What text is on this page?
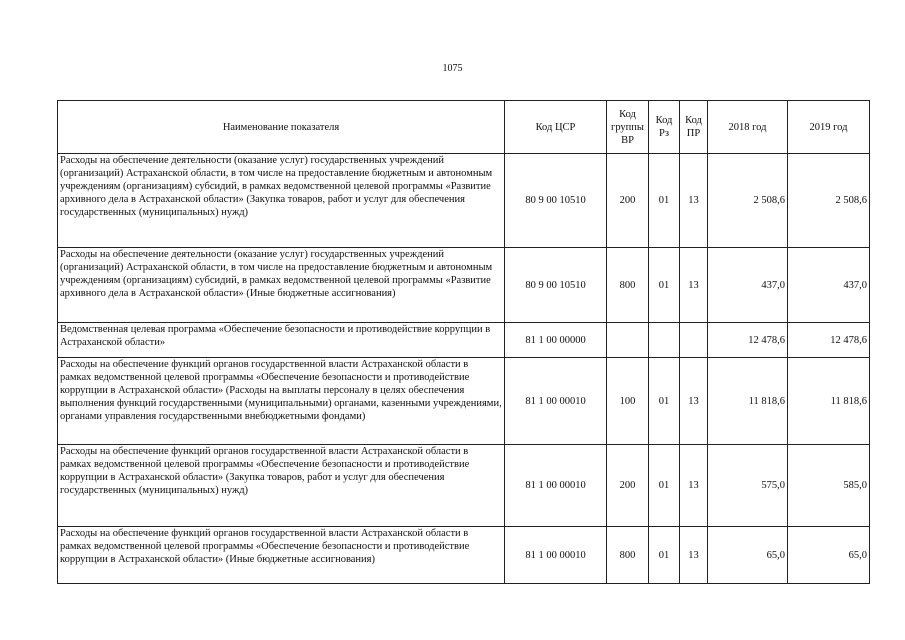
1075
Наименование показателя	Код ЦСР	Код группы ВР	Код Рз	Код ПР	2018 год	2019 год
Расходы на обеспечение деятельности (оказание услуг) государственных учреждений (организаций) Астраханской области, в том числе на предоставление бюджетным и автономным учреждениям (организациям) субсидий, в рамках ведомственной целевой программы «Развитие архивного дела в Астраханской области» (Закупка товаров, работ и услуг для обеспечения государственных (муниципальных) нужд)	80 9 00 10510	200	01	13	2 508,6	2 508,6
Расходы на обеспечение деятельности (оказание услуг) государственных учреждений (организаций) Астраханской области, в том числе на предоставление бюджетным и автономным учреждениям (организациям) субсидий, в рамках ведомственной целевой программы «Развитие архивного дела в Астраханской области» (Иные бюджетные ассигнования)	80 9 00 10510	800	01	13	437,0	437,0
Ведомственная целевая программа «Обеспечение безопасности и противодействие коррупции в Астраханской области»	81 1 00 00000				12 478,6	12 478,6
Расходы на обеспечение функций органов государственной власти Астраханской области в рамках ведомственной целевой программы «Обеспечение безопасности и противодействие коррупции в Астраханской области» (Расходы на выплаты персоналу в целях обеспечения выполнения функций государственными (муниципальными) органами, казенными учреждениями, органами управления государственными внебюджетными фондами)	81 1 00 00010	100	01	13	11 818,6	11 818,6
Расходы на обеспечение функций органов государственной власти Астраханской области в рамках ведомственной целевой программы «Обеспечение безопасности и противодействие коррупции в Астраханской области» (Закупка товаров, работ и услуг для обеспечения государственных (муниципальных) нужд)	81 1 00 00010	200	01	13	575,0	585,0
Расходы на обеспечение функций органов государственной власти Астраханской области в рамках ведомственной целевой программы «Обеспечение безопасности и противодействие коррупции в Астраханской области» (Иные бюджетные ассигнования)	81 1 00 00010	800	01	13	65,0	65,0
